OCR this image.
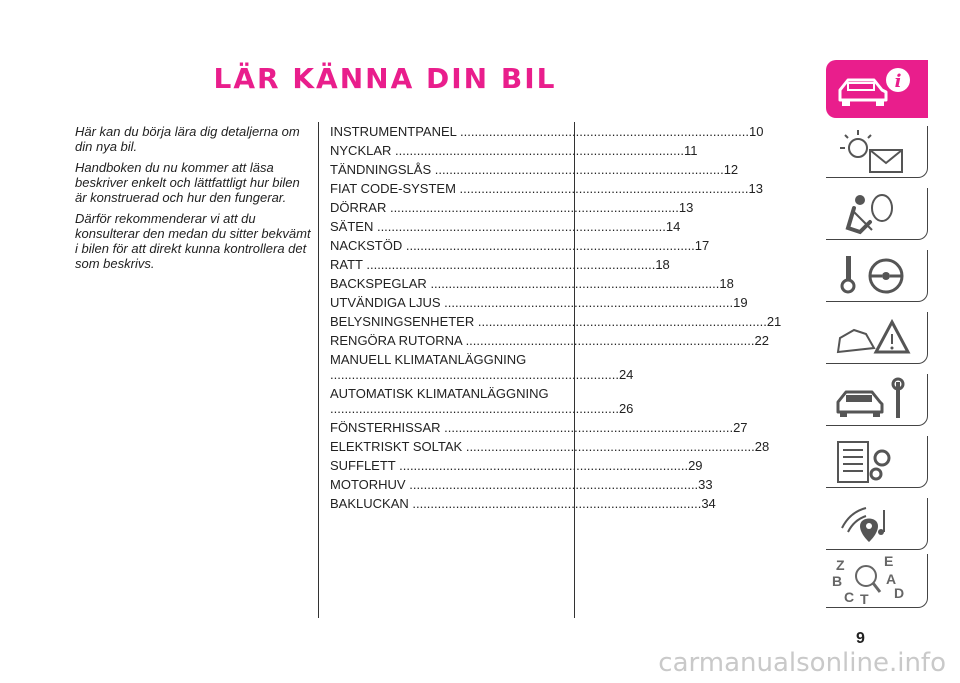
LÄR KÄNNA DIN BIL

Här kan du börja lära dig detaljerna om din nya bil.

Handboken du nu kommer att läsa beskriver enkelt och lättfattligt hur bilen är konstruerad och hur den fungerar.

Därför rekommenderar vi att du konsulterar den medan du sitter bekvämt i bilen för att direkt kunna kontrollera det som beskrivs.

INSTRUMENTPANEL ................................................................................ 10
NYCKLAR ................................................................................ 11
TÄNDNINGSLÅS ................................................................................ 12
FIAT CODE-SYSTEM ................................................................................ 13
DÖRRAR ................................................................................ 13
SÄTEN ................................................................................ 14
NACKSTÖD ................................................................................ 17
RATT ................................................................................ 18
BACKSPEGLAR ................................................................................ 18
UTVÄNDIGA LJUS ................................................................................ 19
BELYSNINGSENHETER ................................................................................ 21
RENGÖRA RUTORNA ................................................................................ 22
MANUELL KLIMATANLÄGGNING ................................................................................ 24
AUTOMATISK KLIMATANLÄGGNING ................................................................................ 26
FÖNSTERHISSAR ................................................................................ 27
ELEKTRISKT SOLTAK ................................................................................ 28
SUFFLETT ................................................................................ 29
MOTORHUV ................................................................................ 33
BAKLUCKAN ................................................................................ 34
i
Z	E
B	A
C T D
9
carmanualsonline.info
